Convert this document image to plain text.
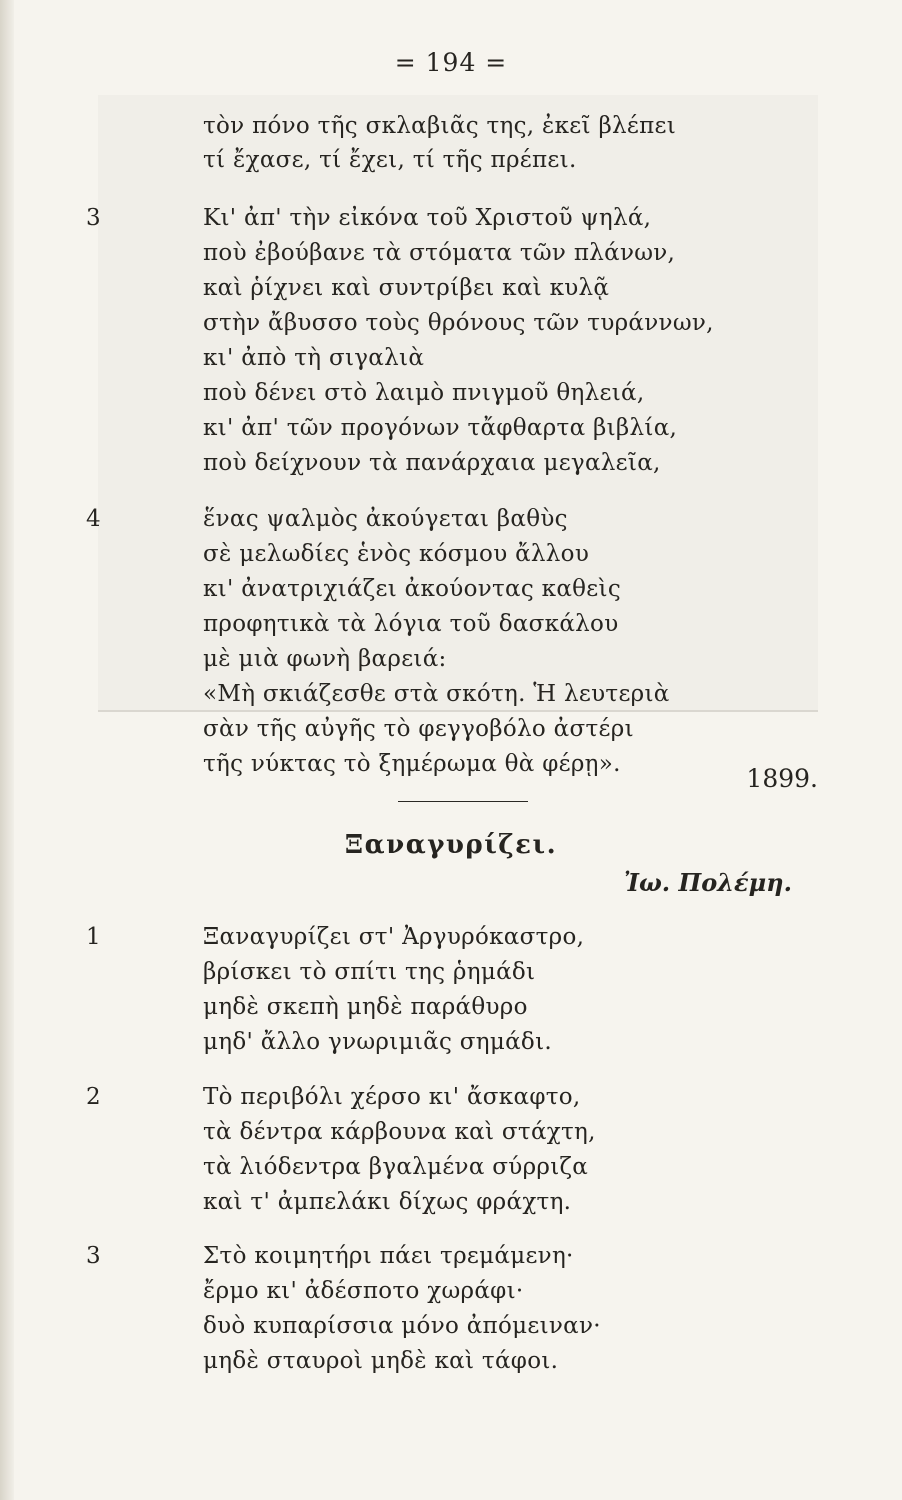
= 194 =
τὸν πόνο τῆς σκλαβιᾶς της, ἐκεῖ βλέπει
τί ἔχασε, τί ἔχει, τί τῆς πρέπει.
3	Κι' ἀπ' τὴν εἰκόνα τοῦ Χριστοῦ ψηλά,
ποὺ ἐβούβανε τὰ στόματα τῶν πλάνων,
καὶ ῥίχνει καὶ συντρίβει καὶ κυλᾷ
στὴν ἄβυσσο τοὺς θρόνους τῶν τυράννων,
κι' ἀπὸ τὴ σιγαλιὰ
ποὺ δένει στὸ λαιμὸ πνιγμοῦ θηλειά,
κι' ἀπ' τῶν προγόνων τἄφθαρτα βιβλία,
ποὺ δείχνουν τὰ πανάρχαια μεγαλεῖα,
4	ἕνας ψαλμὸς ἀκούγεται βαθὺς
σὲ μελωδίες ἑνὸς κόσμου ἄλλου
κι' ἀνατριχιάζει ἀκούοντας καθεὶς
προφητικὰ τὰ λόγια τοῦ δασκάλου
μὲ μιὰ φωνὴ βαρειά:
«Μὴ σκιάζεσθε στὰ σκότη. Ἡ λευτεριὰ
σὰν τῆς αὐγῆς τὸ φεγγοβόλο ἀστέρι
τῆς νύκτας τὸ ξημέρωμα θὰ φέρῃ».	1899.
Ξαναγυρίζει.
Ἰω. Πολέμη.
1	Ξαναγυρίζει στ' Ἀργυρόκαστρο,
βρίσκει τὸ σπίτι της ῥημάδι
μηδὲ σκεπὴ μηδὲ παράθυρο
μηδ' ἄλλο γνωριμιᾶς σημάδι.
2	Τὸ περιβόλι χέρσο κι' ἄσκαφτο,
τὰ δέντρα κάρβουνα καὶ στάχτη,
τὰ λιόδεντρα βγαλμένα σύρριζα
καὶ τ' ἀμπελάκι δίχως φράχτη.
3	Στὸ κοιμητήρι πάει τρεμάμενη·
ἔρμο κι' ἀδέσποτο χωράφι·
δυὸ κυπαρίσσια μόνο ἀπόμειναν·
μηδὲ σταυροὶ μηδὲ καὶ τάφοι.
